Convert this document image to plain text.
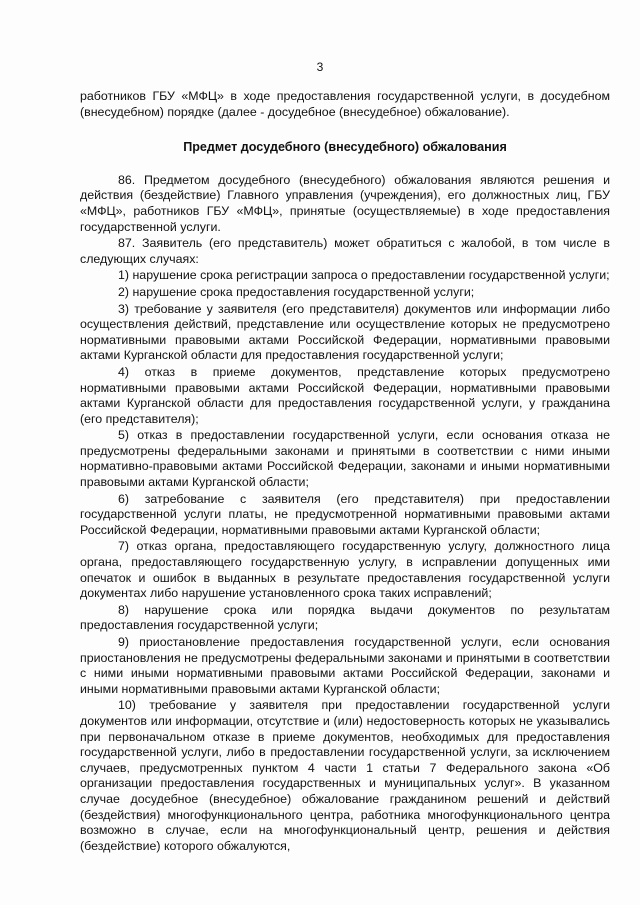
3

работников ГБУ «МФЦ» в ходе предоставления государственной услуги, в досудебном (внесудебном) порядке (далее - досудебное (внесудебное) обжалование).

Предмет досудебного (внесудебного) обжалования

86. Предметом досудебного (внесудебного) обжалования являются решения и действия (бездействие) Главного управления (учреждения), его должностных лиц, ГБУ «МФЦ», работников ГБУ «МФЦ», принятые (осуществляемые) в ходе предоставления государственной услуги.

87. Заявитель (его представитель) может обратиться с жалобой, в том числе в следующих случаях:

1) нарушение срока регистрации запроса о предоставлении государственной услуги;

2) нарушение срока предоставления государственной услуги;

3) требование у заявителя (его представителя) документов или информации либо осуществления действий, представление или осуществление которых не предусмотрено нормативными правовыми актами Российской Федерации, нормативными правовыми актами Курганской области для предоставления государственной услуги;

4) отказ в приеме документов, представление которых предусмотрено нормативными правовыми актами Российской Федерации, нормативными правовыми актами Курганской области для предоставления государственной услуги, у гражданина (его представителя);

5) отказ в предоставлении государственной услуги, если основания отказа не предусмотрены федеральными законами и принятыми в соответствии с ними иными нормативно-правовыми актами Российской Федерации, законами и иными нормативными правовыми актами Курганской области;

6) затребование с заявителя (его представителя) при предоставлении государственной услуги платы, не предусмотренной нормативными правовыми актами Российской Федерации, нормативными правовыми актами Курганской области;

7) отказ органа, предоставляющего государственную услугу, должностного лица органа, предоставляющего государственную услугу, в исправлении допущенных ими опечаток и ошибок в выданных в результате предоставления государственной услуги документах либо нарушение установленного срока таких исправлений;

8) нарушение срока или порядка выдачи документов по результатам предоставления государственной услуги;

9) приостановление предоставления государственной услуги, если основания приостановления не предусмотрены федеральными законами и принятыми в соответствии с ними иными нормативными правовыми актами Российской Федерации, законами и иными нормативными правовыми актами Курганской области;

10) требование у заявителя при предоставлении государственной услуги документов или информации, отсутствие и (или) недостоверность которых не указывались при первоначальном отказе в приеме документов, необходимых для предоставления государственной услуги, либо в предоставлении государственной услуги, за исключением случаев, предусмотренных пунктом 4 части 1 статьи 7 Федерального закона «Об организации предоставления государственных и муниципальных услуг». В указанном случае досудебное (внесудебное) обжалование гражданином решений и действий (бездействия) многофункционального центра, работника многофункционального центра возможно в случае, если на многофункциональный центр, решения и действия (бездействие) которого обжалуются,
